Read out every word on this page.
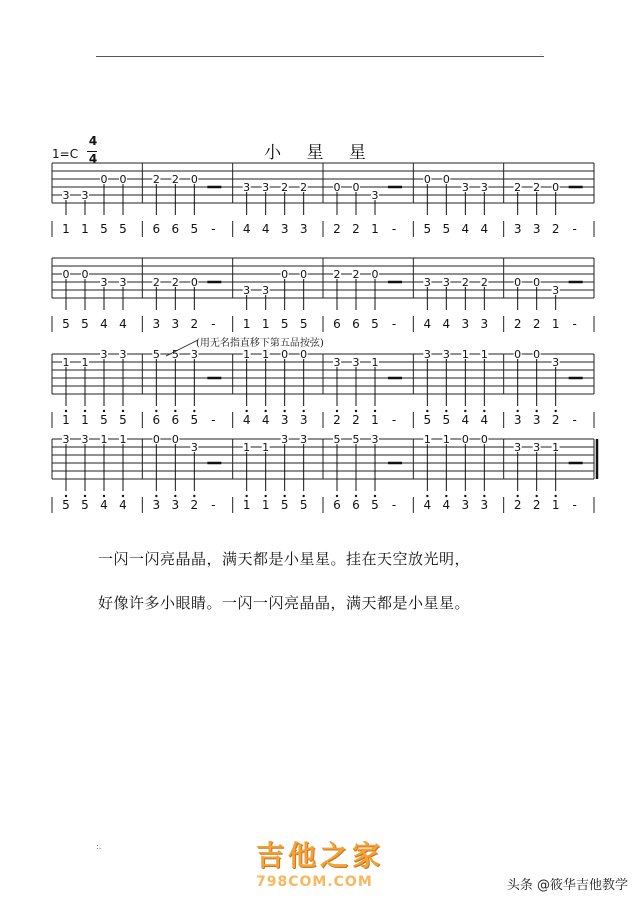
.
1=C
4
4	小 星 星
3 3
0 0
1 1 5 5
2 2 0
6 6 5 -
3 3 2 2
4 4 3 3
0 0
3
2 2 1 -
0 0
3 3
5 5 4 4
2 2 0
3 3 2 -
0 0
3 3
5 5 4 4
2 2 0
3 3 2 -
3 3
0 0
1 1 5 5
2 2 0
6 6 5 -
3 3 2 2
4 4 3 3
0 0
3
2 2 1 -
1 1
3 3
1 1 5 5
5 5 3
6 6 5 -
1 1 0 0
4 4 3 3
3 3 1
2 2 1 -
3 3 1 1
5 5 4 4
0 0
3
3 3 2 -
3 3 1 1
5 5 4 4
0 0
3
3 3 2 -
1 1
3 3
1 1 5 5
5 5 3
6 6 5 -
1 1 0 0
4 4 3 3
3 3 1
2 2 1 -
(用无名指直移下第五品按弦)
一闪一闪亮晶晶，满天都是小星星。挂在天空放光明，
好像许多小眼睛。一闪一闪亮晶晶，满天都是小星星。
:.	吉他之家
798COM.COM	头条 @筱华吉他教学
